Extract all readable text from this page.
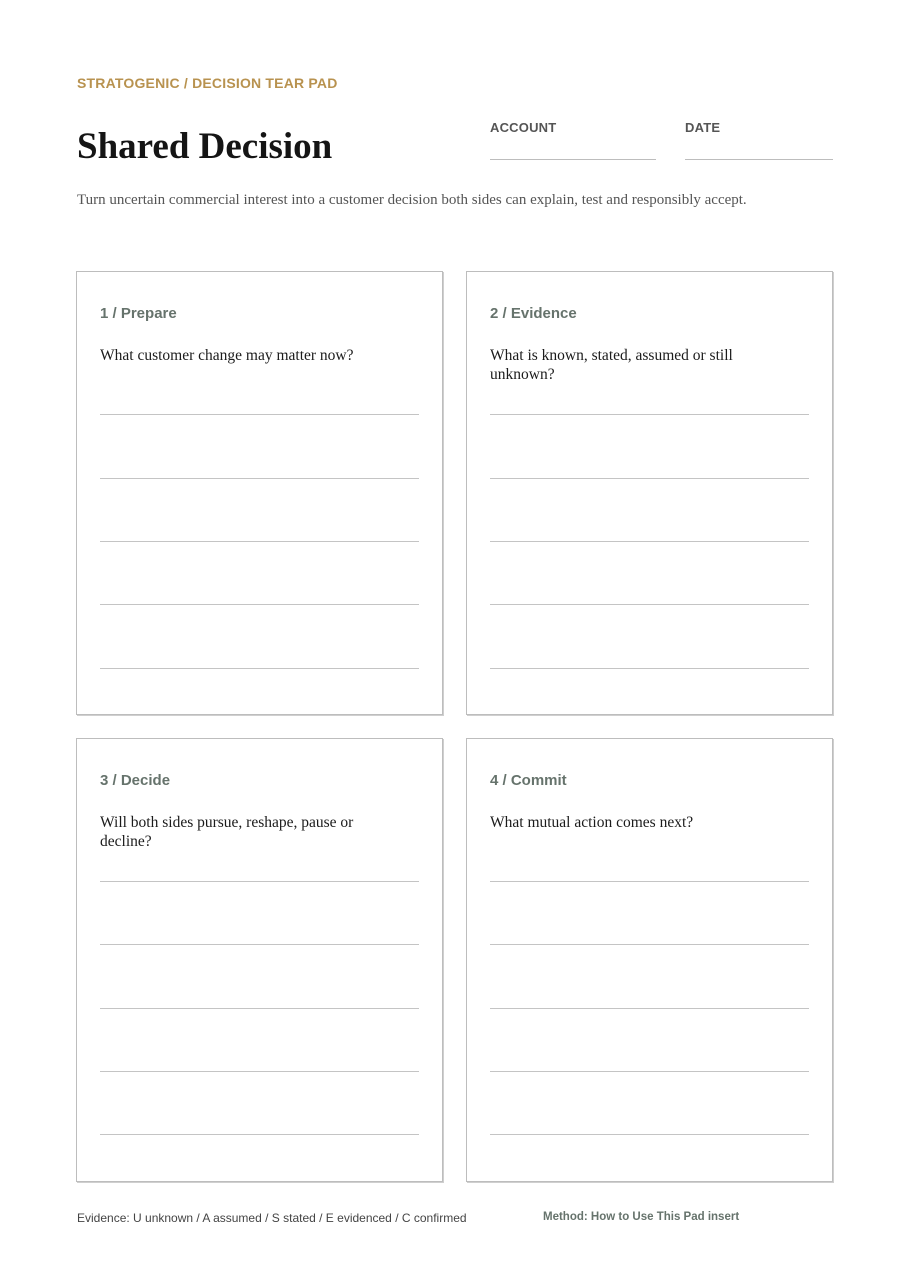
STRATOGENIC / DECISION TEAR PAD
Shared Decision	ACCOUNT	DATE
Turn uncertain commercial interest into a customer decision both sides can explain, test and responsibly accept.
1 / Prepare
What customer change may matter now?
2 / Evidence
What is known, stated, assumed or still unknown?
3 / Decide
Will both sides pursue, reshape, pause or decline?
4 / Commit
What mutual action comes next?
Evidence: U unknown / A assumed / S stated / E evidenced / C confirmed	Method: How to Use This Pad insert
